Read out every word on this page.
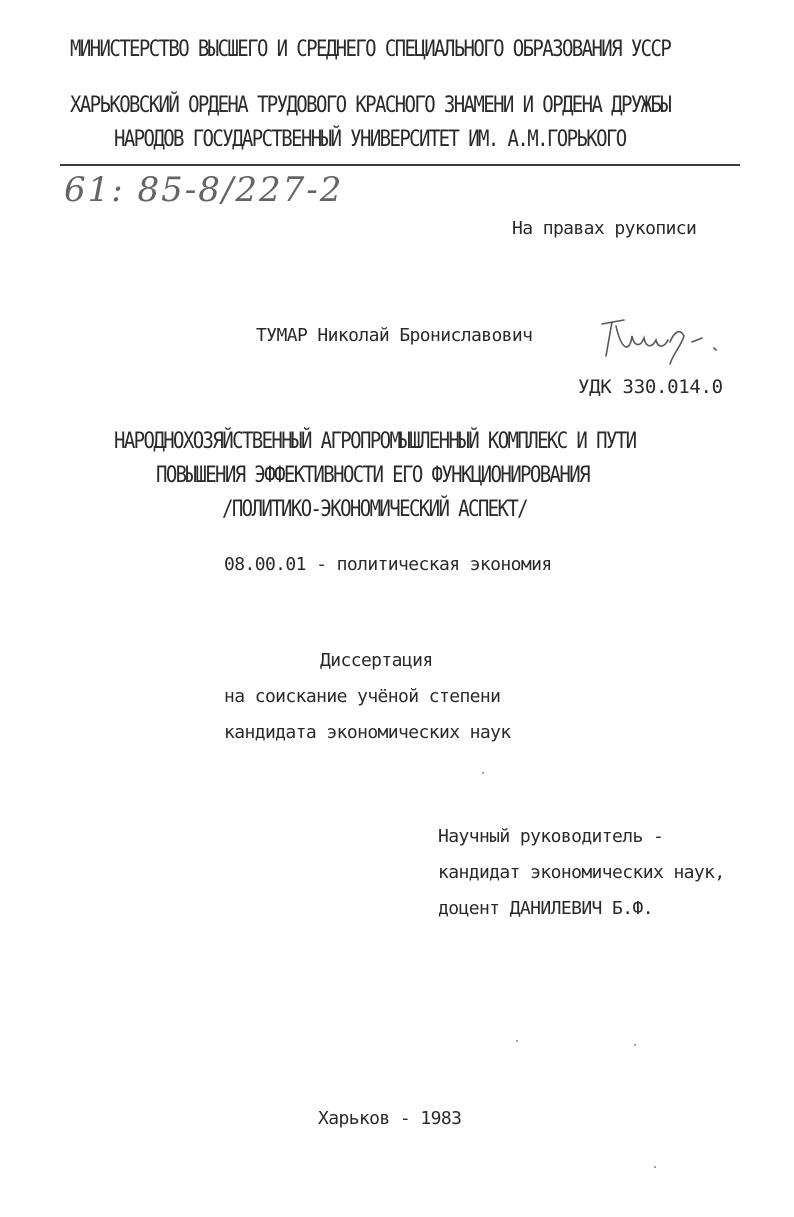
МИНИСТЕРСТВО ВЫСШЕГО И СРЕДНЕГО СПЕЦИАЛЬНОГО ОБРАЗОВАНИЯ УССР
ХАРЬКОВСКИЙ ОРДЕНА ТРУДОВОГО КРАСНОГО ЗНАМЕНИ И ОРДЕНА ДРУЖБЫ
НАРОДОВ ГОСУДАРСТВЕННЫЙ УНИВЕРСИТЕТ ИМ. А.М.ГОРЬКОГО
61: 85-8/227-2
На правах рукописи
ТУМАР Николай Брониславович
УДК 330.014.0
НАРОДНОХОЗЯЙСТВЕННЫЙ АГРОПРОМЫШЛЕННЫЙ КОМПЛЕКС И ПУТИ
ПОВЫШЕНИЯ ЭФФЕКТИВНОСТИ ЕГО ФУНКЦИОНИРОВАНИЯ
/ПОЛИТИКО-ЭКОНОМИЧЕСКИЙ АСПЕКТ/
08.00.01 - политическая экономия
Диссертация
на соискание учёной степени
кандидата экономических наук
Научный руководитель -
кандидат экономических наук,
доцент ДАНИЛЕВИЧ Б.Ф.
Харьков - 1983
